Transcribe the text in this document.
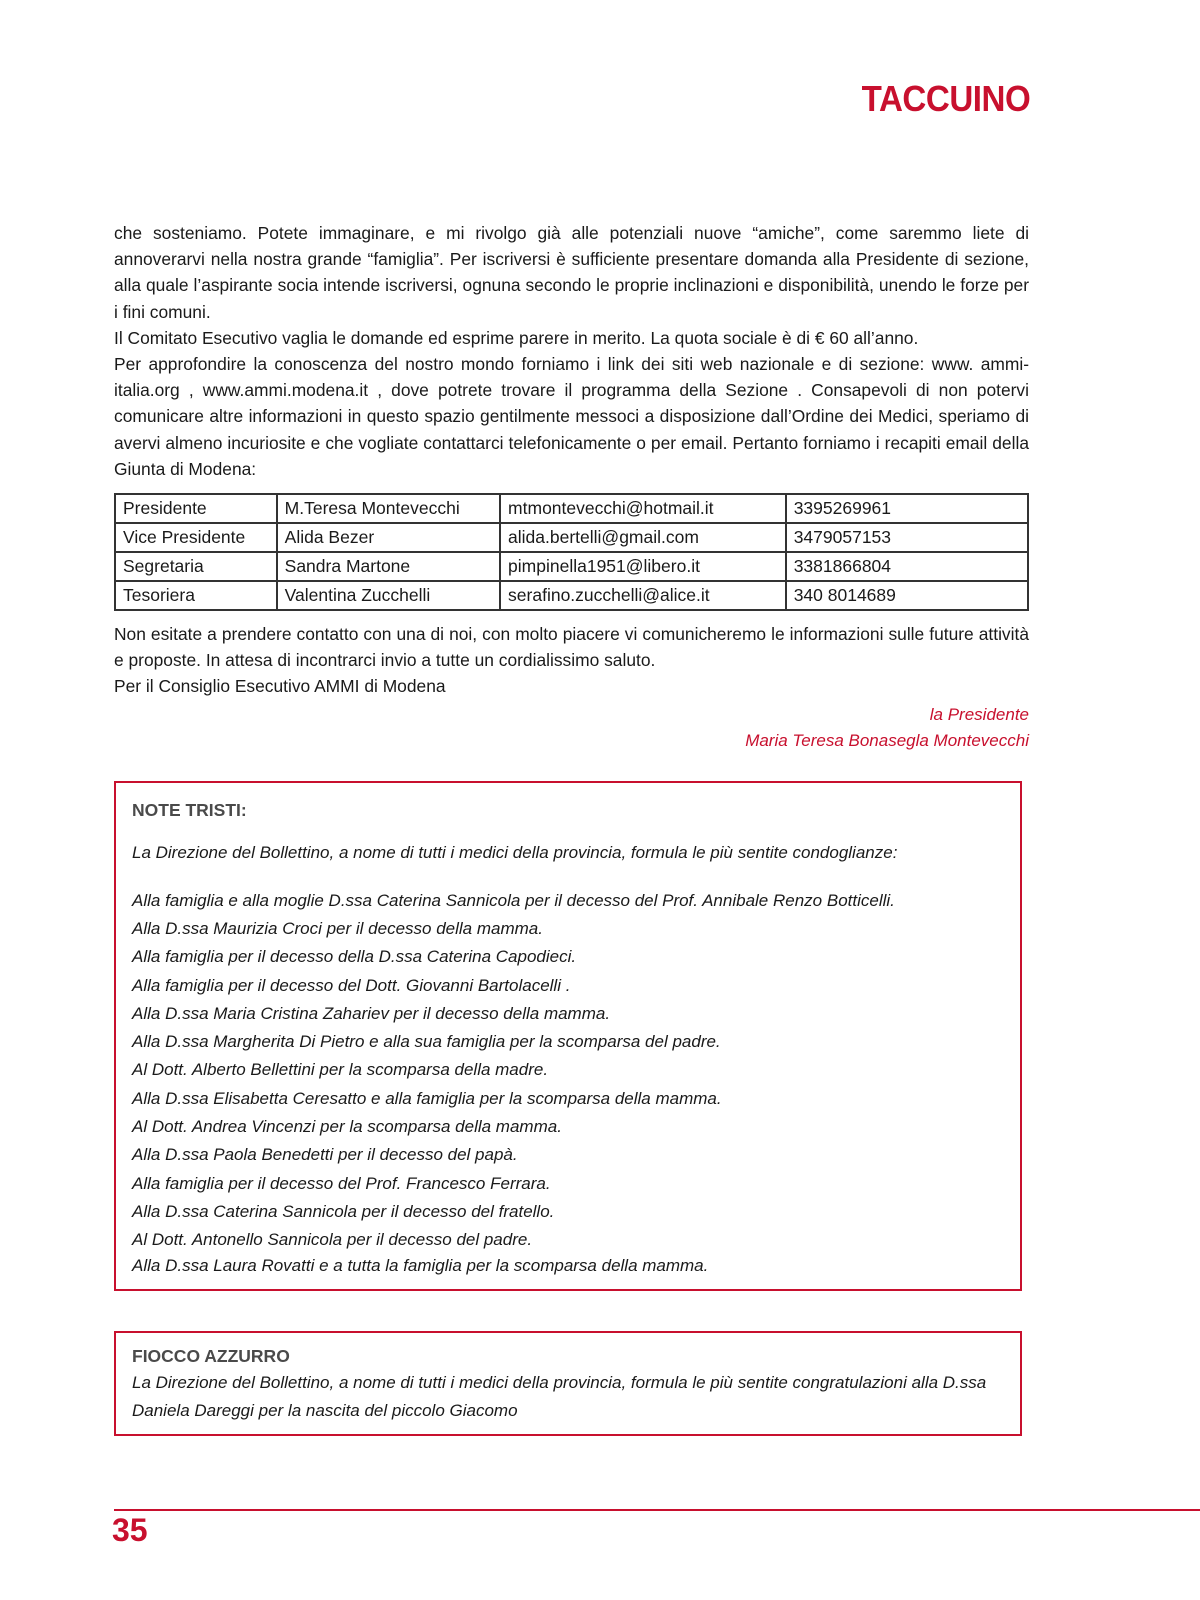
TACCUINO

che sosteniamo. Potete immaginare, e mi rivolgo già alle potenziali nuove “amiche”, come saremmo liete di annoverarvi nella nostra grande “famiglia”. Per iscriversi è sufficiente presentare domanda alla Presidente di sezione, alla quale l’aspirante socia intende iscriversi, ognuna secondo le proprie inclinazioni e disponibilità, unendo le forze per i fini comuni.

Il Comitato Esecutivo vaglia le domande ed esprime parere in merito. La quota sociale è di € 60 all’anno.

Per approfondire la conoscenza del nostro mondo forniamo i link dei siti web nazionale e di sezione: www. ammi-italia.org , www.ammi.modena.it , dove potrete trovare il programma della Sezione . Consapevoli di non potervi comunicare altre informazioni in questo spazio gentilmente messoci a disposizione dall’Ordine dei Medici, speriamo di avervi almeno incuriosite e che vogliate contattarci telefonicamente o per email. Pertanto forniamo i recapiti email della Giunta di Modena:

Presidente	M.Teresa Montevecchi	mtmontevecchi@hotmail.it	3395269961
Vice Presidente	Alida Bezer	alida.bertelli@gmail.com	3479057153
Segretaria	Sandra Martone	pimpinella1951@libero.it	3381866804
Tesoriera	Valentina Zucchelli	serafino.zucchelli@alice.it	340 8014689

Non esitate a prendere contatto con una di noi, con molto piacere vi comunicheremo le informazioni sulle future attività e proposte. In attesa di incontrarci invio a tutte un cordialissimo saluto.

Per il Consiglio Esecutivo AMMI di Modena

la Presidente
Maria Teresa Bonasegla Montevecchi
NOTE TRISTI:
La Direzione del Bollettino, a nome di tutti i medici della provincia, formula le più sentite condoglianze:
Alla famiglia e alla moglie D.ssa Caterina Sannicola per il decesso del Prof. Annibale Renzo Botticelli.
Alla D.ssa Maurizia Croci per il decesso della mamma.
Alla famiglia per il decesso della D.ssa Caterina Capodieci.
Alla famiglia per il decesso del Dott. Giovanni Bartolacelli .
Alla D.ssa Maria Cristina Zahariev per il decesso della mamma.
Alla D.ssa Margherita Di Pietro e alla sua famiglia per la scomparsa del padre.
Al Dott. Alberto Bellettini per la scomparsa della madre.
Alla D.ssa Elisabetta Ceresatto e alla famiglia per la scomparsa della mamma.
Al Dott. Andrea Vincenzi per la scomparsa della mamma.
Alla D.ssa Paola Benedetti per il decesso del papà.
Alla famiglia per il decesso del Prof. Francesco Ferrara.
Alla D.ssa Caterina Sannicola per il decesso del fratello.
Al Dott. Antonello Sannicola per il decesso del padre.
Alla D.ssa Laura Rovatti e a tutta la famiglia per la scomparsa della mamma.
FIOCCO AZZURRO
La Direzione del Bollettino, a nome di tutti i medici della provincia, formula le più sentite congratulazioni alla D.ssa Daniela Dareggi per la nascita del piccolo Giacomo
35
